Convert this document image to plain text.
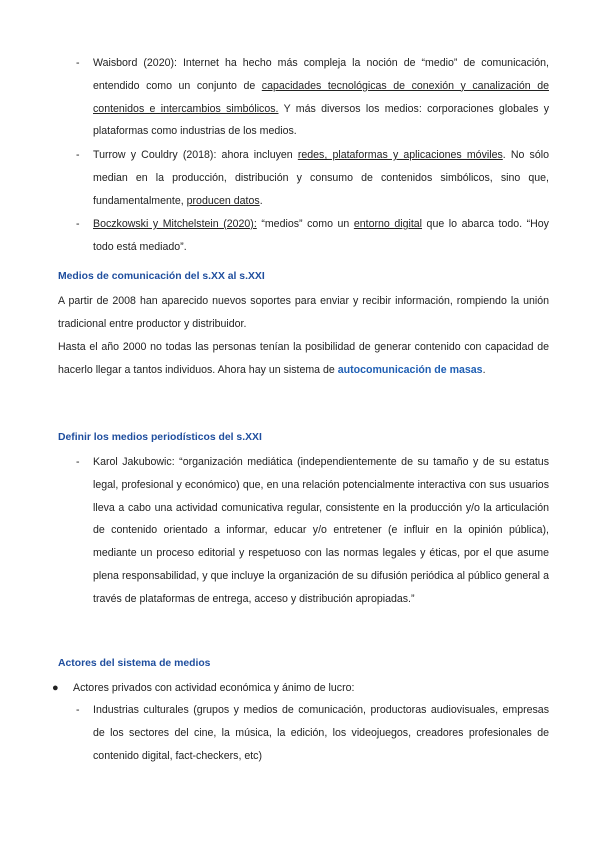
- Waisbord (2020): Internet ha hecho más compleja la noción de “medio” de comunicación, entendido como un conjunto de capacidades tecnológicas de conexión y canalización de contenidos e intercambios simbólicos. Y más diversos los medios: corporaciones globales y plataformas como industrias de los medios.
- Turrow y Couldry (2018): ahora incluyen redes, plataformas y aplicaciones móviles. No sólo median en la producción, distribución y consumo de contenidos simbólicos, sino que, fundamentalmente, producen datos.
- Boczkowski y Mitchelstein (2020): “medios” como un entorno digital que lo abarca todo. “Hoy todo está mediado”.
Medios de comunicación del s.XX al s.XXI
A partir de 2008 han aparecido nuevos soportes para enviar y recibir información, rompiendo la unión tradicional entre productor y distribuidor.
Hasta el año 2000 no todas las personas tenían la posibilidad de generar contenido con capacidad de hacerlo llegar a tantos individuos. Ahora hay un sistema de autocomunicación de masas.
Definir los medios periodísticos del s.XXI
- Karol Jakubowic: “organización mediática (independientemente de su tamaño y de su estatus legal, profesional y económico) que, en una relación potencialmente interactiva con sus usuarios lleva a cabo una actividad comunicativa regular, consistente en la producción y/o la articulación de contenido orientado a informar, educar y/o entretener (e influir en la opinión pública), mediante un proceso editorial y respetuoso con las normas legales y éticas, por el que asume plena responsabilidad, y que incluye la organización de su difusión periódica al público general a través de plataformas de entrega, acceso y distribución apropiadas.”
Actores del sistema de medios
● Actores privados con actividad económica y ánimo de lucro:
- Industrias culturales (grupos y medios de comunicación, productoras audiovisuales, empresas de los sectores del cine, la música, la edición, los videojuegos, creadores profesionales de contenido digital, fact-checkers, etc)
